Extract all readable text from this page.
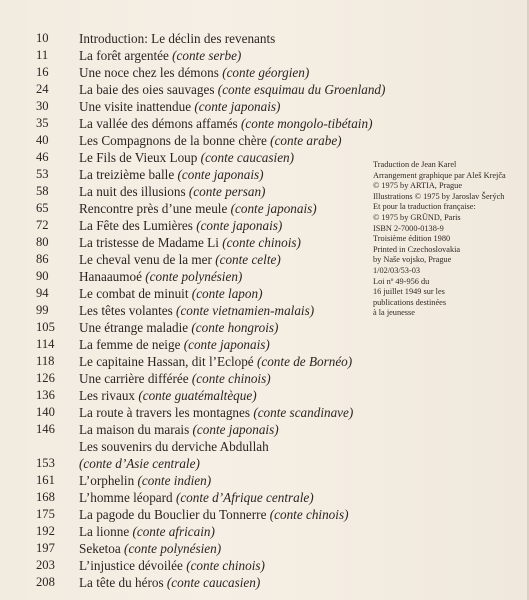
10	Introduction: Le déclin des revenants
11	La forêt argentée (conte serbe)
16	Une noce chez les démons (conte géorgien)
24	La baie des oies sauvages (conte esquimau du Groenland)
30	Une visite inattendue (conte japonais)
35	La vallée des démons affamés (conte mongolo-tibétain)
40	Les Compagnons de la bonne chère (conte arabe)
46	Le Fils de Vieux Loup (conte caucasien)
53	La treizième balle (conte japonais)
58	La nuit des illusions (conte persan)
65	Rencontre près d’une meule (conte japonais)
72	La Fête des Lumières (conte japonais)
80	La tristesse de Madame Li (conte chinois)
86	Le cheval venu de la mer (conte celte)
90	Hanaaumoé (conte polynésien)
94	Le combat de minuit (conte lapon)
99	Les têtes volantes (conte vietnamien-malais)
105	Une étrange maladie (conte hongrois)
114	La femme de neige (conte japonais)
118	Le capitaine Hassan, dit l’Eclopé (conte de Bornéo)
126	Une carrière différée (conte chinois)
136	Les rivaux (conte guatémaltèque)
140	La route à travers les montagnes (conte scandinave)
146	La maison du marais (conte japonais)
Les souvenirs du derviche Abdullah
153	(conte d’Asie centrale)
161	L’orphelin (conte indien)
168	L’homme léopard (conte d’Afrique centrale)
175	La pagode du Bouclier du Tonnerre (conte chinois)
192	La lionne (conte africain)
197	Seketoa (conte polynésien)
203	L’injustice dévoilée (conte chinois)
208	La tête du héros (conte caucasien)
Traduction de Jean Karel
Arrangement graphique par Aleš Krejča
© 1975 by ARTIA, Prague
Illustrations © 1975 by Jaroslav Šerých
Et pour la traduction française:
© 1975 by GRÜND, Paris
ISBN 2-7000-0138-9
Troisième édition 1980
Printed in Czechoslovakia
by Naše vojsko, Prague
1/02/03/53-03
Loi nº 49-956 du
16 juillet 1949 sur les
publications destinées
à la jeunesse
